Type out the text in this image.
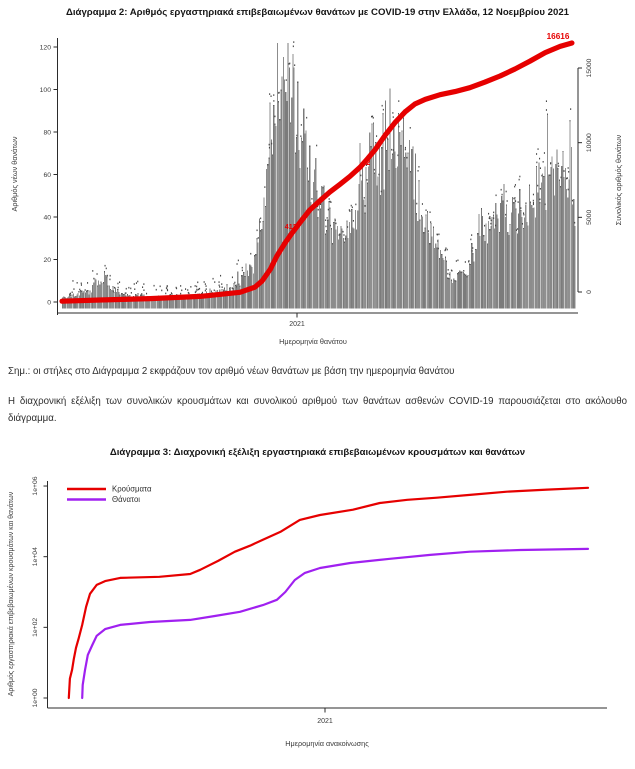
Διάγραμμα 2: Αριθμός εργαστηριακά επιβεβαιωμένων θανάτων με COVID-19 στην Ελλάδα, 12 Νοεμβρίου 2021
0
20
40
60
80
100
120
0
5000
10000
15000
2021
Ημερομηνία θανάτου
Αριθμός νέων θανάτων	Συνολικός αριθμός θανάτων
413
82
16616
1e+00
1e+02
1e+04
1e+06
2021
Ημερομηνία ανακοίνωσης
Αριθμός εργαστηριακά επιβεβαιωμένων κρουσμάτων και θανάτων
Κρούσματα
Θάνατοι
Σημ.: οι στήλες στο Διάγραμμα 2 εκφράζουν τον αριθμό νέων θανάτων με βάση την ημερομηνία θανάτου
Η διαχρονική εξέλιξη των συνολικών κρουσμάτων και συνολικού αριθμού των θανάτων ασθενών COVID-19 παρουσιάζεται στο ακόλουθο διάγραμμα.
Διάγραμμα 3: Διαχρονική εξέλιξη εργαστηριακά επιβεβαιωμένων κρουσμάτων και θανάτων
